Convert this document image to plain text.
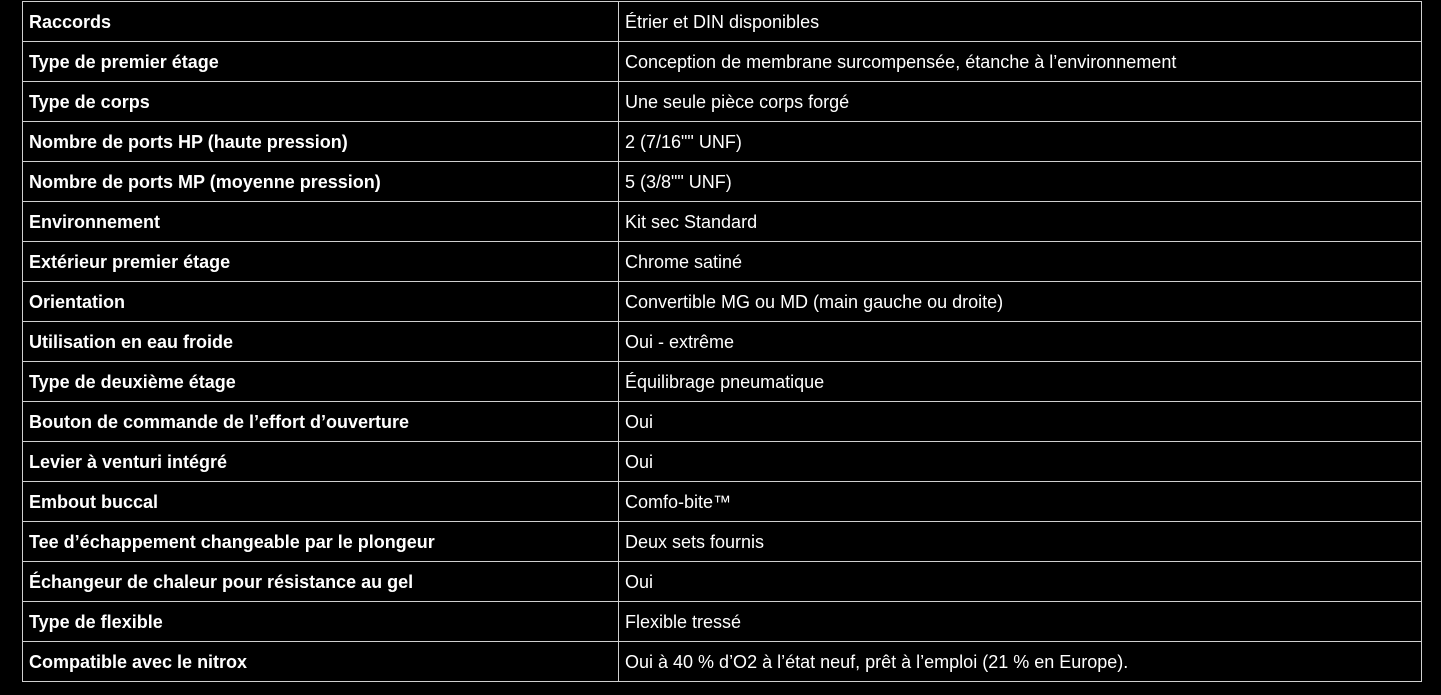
Raccords	Étrier et DIN disponibles
Type de premier étage	Conception de membrane surcompensée, étanche à l’environnement
Type de corps	Une seule pièce corps forgé
Nombre de ports HP (haute pression)	2 (7/16"" UNF)
Nombre de ports MP (moyenne pression)	5 (3/8"" UNF)
Environnement	Kit sec Standard
Extérieur premier étage	Chrome satiné
Orientation	Convertible MG ou MD (main gauche ou droite)
Utilisation en eau froide	Oui - extrême
Type de deuxième étage	Équilibrage pneumatique
Bouton de commande de l’effort d’ouverture	Oui
Levier à venturi intégré	Oui
Embout buccal	Comfo-bite™
Tee d’échappement changeable par le plongeur	Deux sets fournis
Échangeur de chaleur pour résistance au gel	Oui
Type de flexible	Flexible tressé
Compatible avec le nitrox	Oui à 40 % d’O2 à l’état neuf, prêt à l’emploi (21 % en Europe).
